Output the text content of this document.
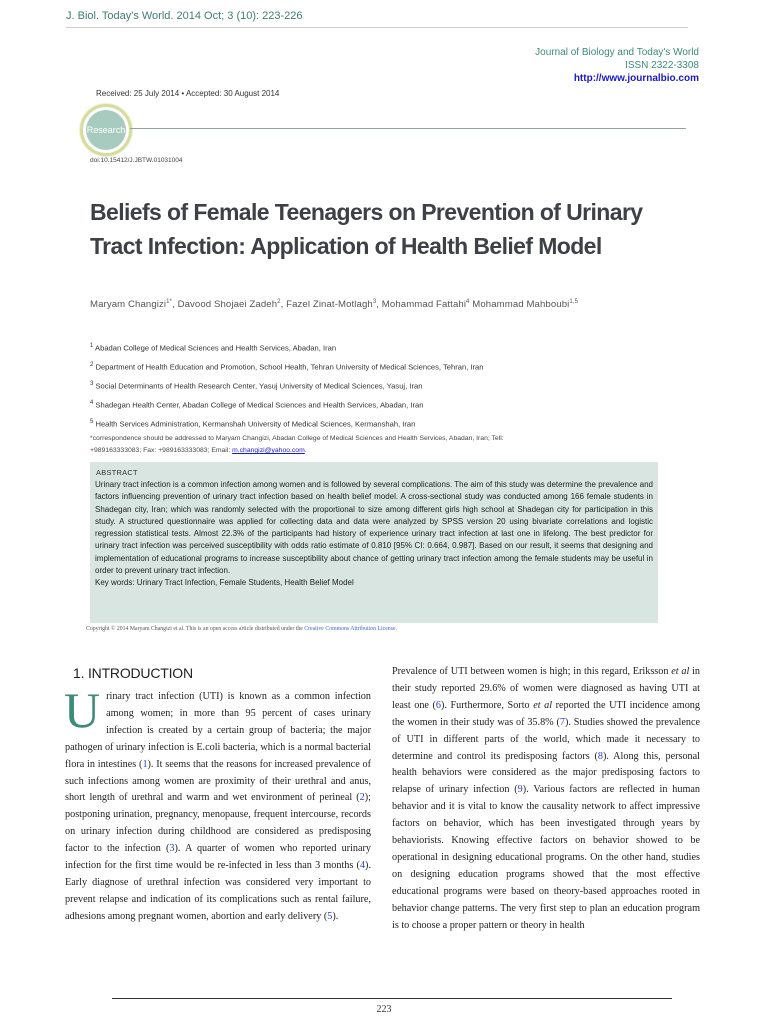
J. Biol. Today's World. 2014 Oct; 3 (10): 223-226
Journal of Biology and Today's World
ISSN 2322-3308
http://www.journalbio.com
Received: 25 July 2014 • Accepted: 30 August 2014
Research
doi:10.15412/J.JBTW.01031004
Beliefs of Female Teenagers on Prevention of Urinary Tract Infection: Application of Health Belief Model
Maryam Changizi$^{1*}$, Davood Shojaei Zadeh$^2$, Fazel Zinat-Motlagh$^3$, Mohammad Fattahi$^4$ Mohammad Mahboubi$^{1,5}$
$^1$ Abadan College of Medical Sciences and Health Services, Abadan, Iran
$^2$ Department of Health Education and Promotion, School Health, Tehran University of Medical Sciences, Tehran, Iran
$^3$ Social Determinants of Health Research Center, Yasuj University of Medical Sciences, Yasuj, Iran
$^4$ Shadegan Health Center, Abadan College of Medical Sciences and Health Services, Abadan, Iran
$^5$ Health Services Administration, Kermanshah University of Medical Sciences, Kermanshah, Iran
*correspondence should be addressed to Maryam Changizi, Abadan College of Medical Sciences and Health Services, Abadan, Iran; Tell:
+989163333083; Fax: +989163333083; Email: m.changizi@yahoo.com.
ABSTRACT

Urinary tract infection is a common infection among women and is followed by several complications. The aim of this study was determine the prevalence and factors influencing prevention of urinary tract infection based on health belief model. A cross-sectional study was conducted among 166 female students in Shadegan city, Iran; which was randomly selected with the proportional to size among different girls high school at Shadegan city for participation in this study. A structured questionnaire was applied for collecting data and data were analyzed by SPSS version 20 using bivariate correlations and logistic regression statistical tests. Almost 22.3% of the participants had history of experience urinary tract infection at last one in lifelong. The best predictor for urinary tract infection was perceived susceptibility with odds ratio estimate of 0.810 [95% CI: 0.664, 0.987]. Based on our result, it seems that designing and implementation of educational programs to increase susceptibility about chance of getting urinary tract infection among the female students may be useful in order to prevent urinary tract infection.

Key words: Urinary Tract Infection, Female Students, Health Belief Model

Copyright © 2014 Maryam Changizi et al. This is an open access article distributed under the Creative Commons Attribution License.
1. INTRODUCTION

Urinary tract infection (UTI) is known as a common infection among women; in more than 95 percent of cases urinary infection is created by a certain group of bacteria; the major pathogen of urinary infection is E.coli bacteria, which is a normal bacterial flora in intestines (1). It seems that the reasons for increased prevalence of such infections among women are proximity of their urethral and anus, short length of urethral and warm and wet environment of perineal (2); postponing urination, pregnancy, menopause, frequent intercourse, records on urinary infection during childhood are considered as predisposing factor to the infection (3). A quarter of women who reported urinary infection for the first time would be re-infected in less than 3 months (4). Early diagnose of urethral infection was considered very important to prevent relapse and indication of its complications such as rental failure, adhesions among pregnant women, abortion and early delivery (5).

Prevalence of UTI between women is high; in this regard, Eriksson et al in their study reported 29.6% of women were diagnosed as having UTI at least one (6). Furthermore, Sorto et al reported the UTI incidence among the women in their study was of 35.8% (7). Studies showed the prevalence of UTI in different parts of the world, which made it necessary to determine and control its predisposing factors (8). Along this, personal health behaviors were considered as the major predisposing factors to relapse of urinary infection (9). Various factors are reflected in human behavior and it is vital to know the causality network to affect impressive factors on behavior, which has been investigated through years by behaviorists. Knowing effective factors on behavior showed to be operational in designing educational programs. On the other hand, studies on designing education programs showed that the most effective educational programs were based on theory-based approaches rooted in behavior change patterns. The very first step to plan an education program is to choose a proper pattern or theory in health

223
